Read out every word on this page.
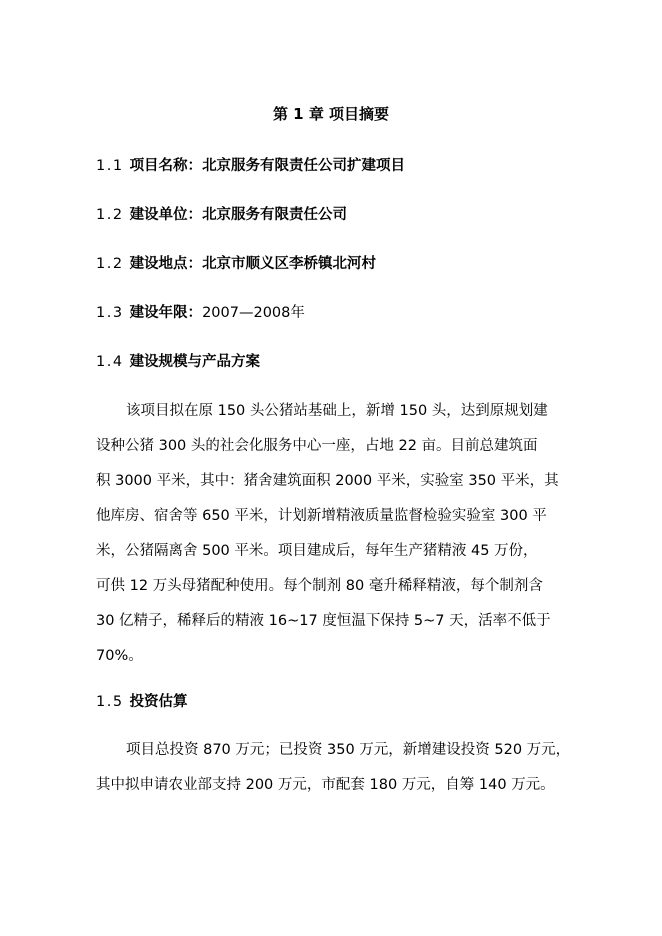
第 1 章 项目摘要
1.1 项目名称：北京服务有限责任公司扩建项目
1.2 建设单位：北京服务有限责任公司
1.2 建设地点：北京市顺义区李桥镇北河村
1.3 建设年限：2007—2008年
1.4 建设规模与产品方案
该项目拟在原 150 头公猪站基础上，新增 150 头，达到原规划建
设种公猪 300 头的社会化服务中心一座，占地 22 亩。目前总建筑面
积 3000 平米，其中：猪舍建筑面积 2000 平米，实验室 350 平米，其
他库房、宿舍等 650 平米，计划新增精液质量监督检验实验室 300 平
米，公猪隔离舍 500 平米。项目建成后，每年生产猪精液 45 万份，
可供 12 万头母猪配种使用。每个制剂 80 毫升稀释精液，每个制剂含
30 亿精子，稀释后的精液 16~17 度恒温下保持 5~7 天，活率不低于
70%。
1.5 投资估算
项目总投资 870 万元；已投资 350 万元，新增建设投资 520 万元，
其中拟申请农业部支持 200 万元，市配套 180 万元，自筹 140 万元。
